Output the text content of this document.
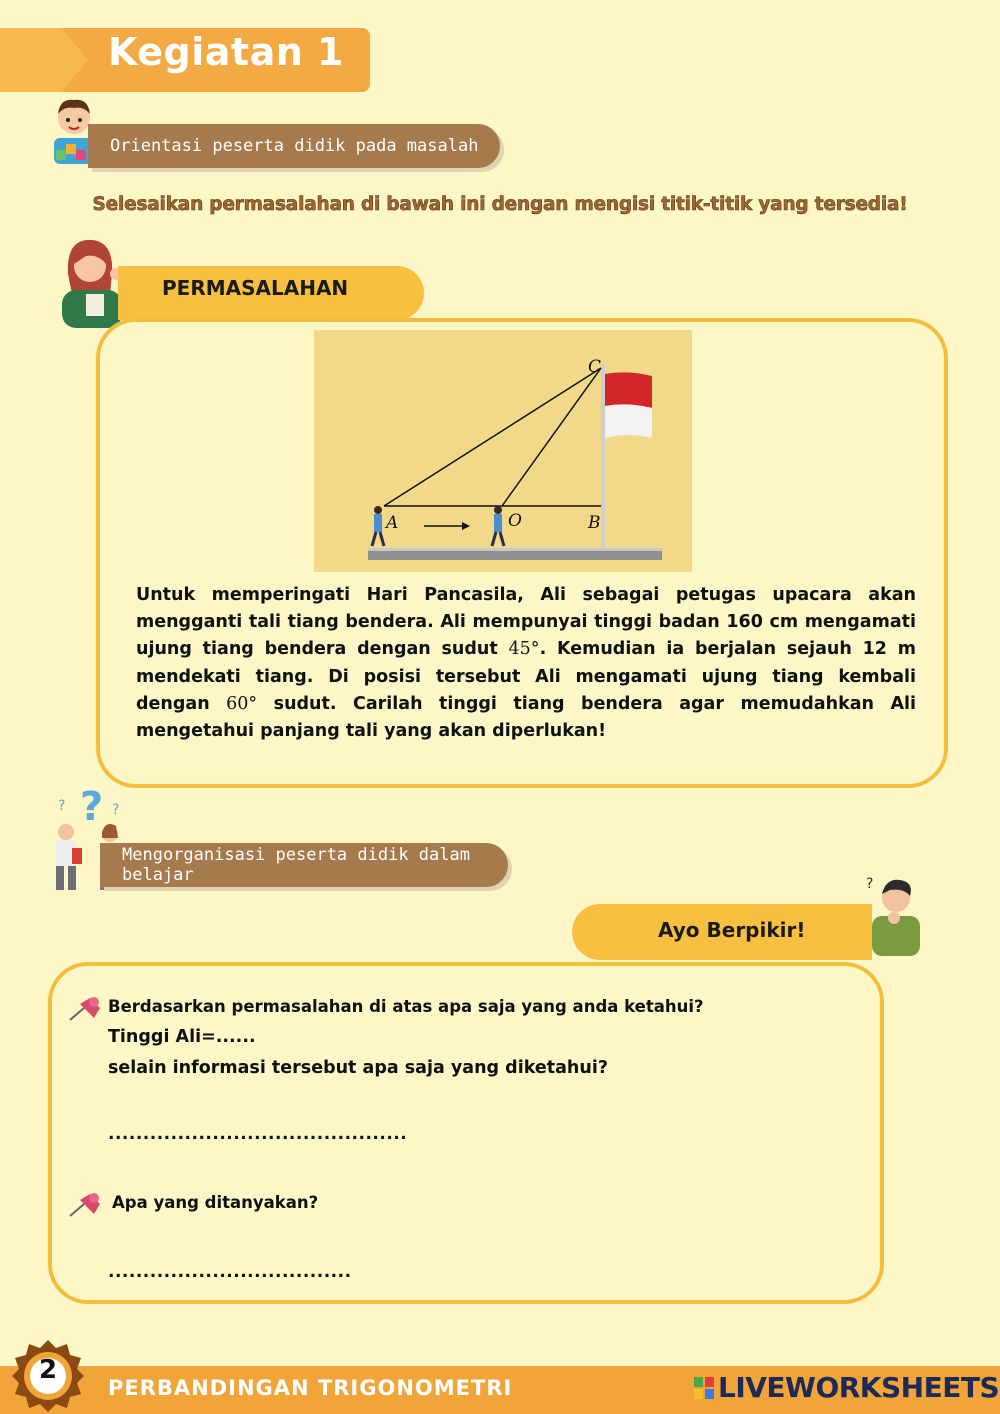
Kegiatan 1
Orientasi peserta didik pada masalah
Selesaikan permasalahan di bawah ini dengan mengisi titik-titik yang tersedia!
PERMASALAHAN
A	O	B
C
Untuk memperingati Hari Pancasila, Ali sebagai petugas upacara akan mengganti tali tiang bendera. Ali mempunyai tinggi badan 160 cm mengamati ujung tiang bendera dengan sudut 45°. Kemudian ia berjalan sejauh 12 m mendekati tiang. Di posisi tersebut Ali mengamati ujung tiang kembali dengan 60° sudut. Carilah tinggi tiang bendera agar memudahkan Ali mengetahui panjang tali yang akan diperlukan!
? ? ?
Mengorganisasi peserta didik dalam belajar
Ayo Berpikir!
?
Berdasarkan permasalahan di atas apa saja yang anda ketahui?
Tinggi Ali=......
selain informasi tersebut apa saja yang diketahui?
...........................................
Apa yang ditanyakan?
...................................
2
PERBANDINGAN TRIGONOMETRI	LIVEWORKSHEETS
